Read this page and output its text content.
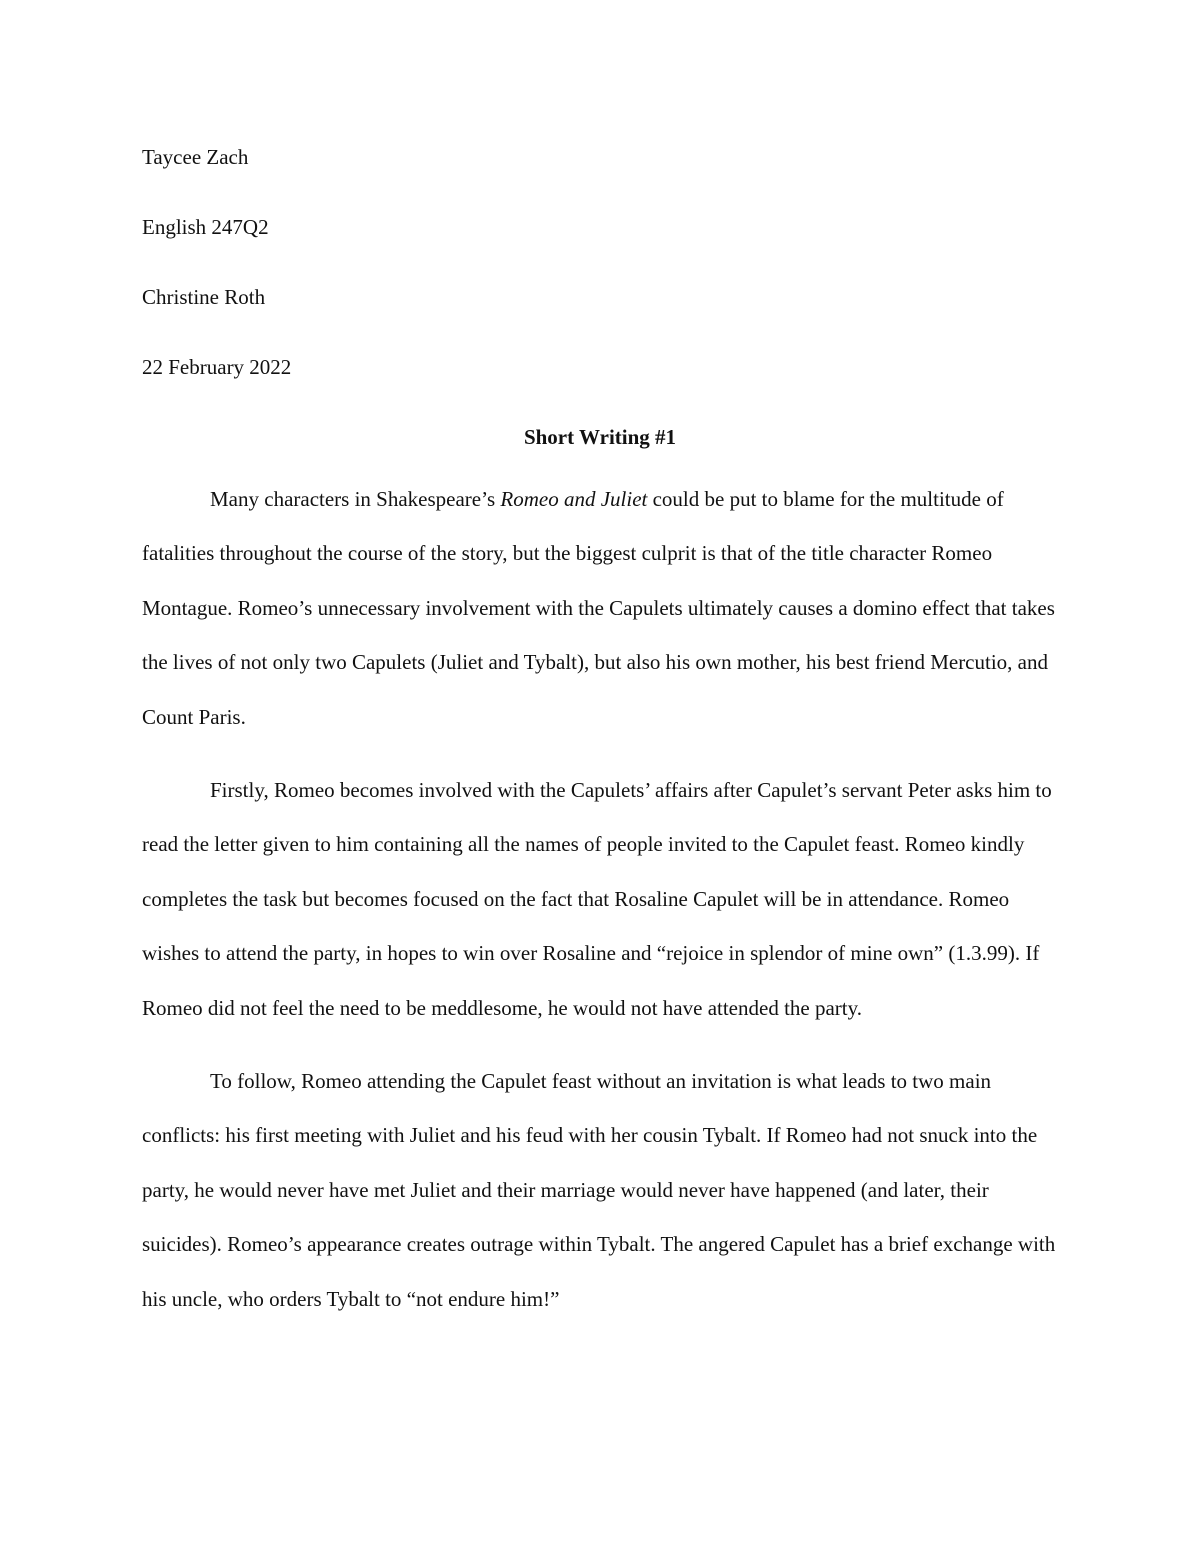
Taycee Zach

English 247Q2

Christine Roth

22 February 2022

Short Writing #1

Many characters in Shakespeare’s Romeo and Juliet could be put to blame for the multitude of fatalities throughout the course of the story, but the biggest culprit is that of the title character Romeo Montague. Romeo’s unnecessary involvement with the Capulets ultimately causes a domino effect that takes the lives of not only two Capulets (Juliet and Tybalt), but also his own mother, his best friend Mercutio, and Count Paris.

Firstly, Romeo becomes involved with the Capulets’ affairs after Capulet’s servant Peter asks him to read the letter given to him containing all the names of people invited to the Capulet feast. Romeo kindly completes the task but becomes focused on the fact that Rosaline Capulet will be in attendance. Romeo wishes to attend the party, in hopes to win over Rosaline and “rejoice in splendor of mine own” (1.3.99). If Romeo did not feel the need to be meddlesome, he would not have attended the party.

To follow, Romeo attending the Capulet feast without an invitation is what leads to two main conflicts: his first meeting with Juliet and his feud with her cousin Tybalt. If Romeo had not snuck into the party, he would never have met Juliet and their marriage would never have happened (and later, their suicides). Romeo’s appearance creates outrage within Tybalt. The angered Capulet has a brief exchange with his uncle, who orders Tybalt to “not endure him!”
